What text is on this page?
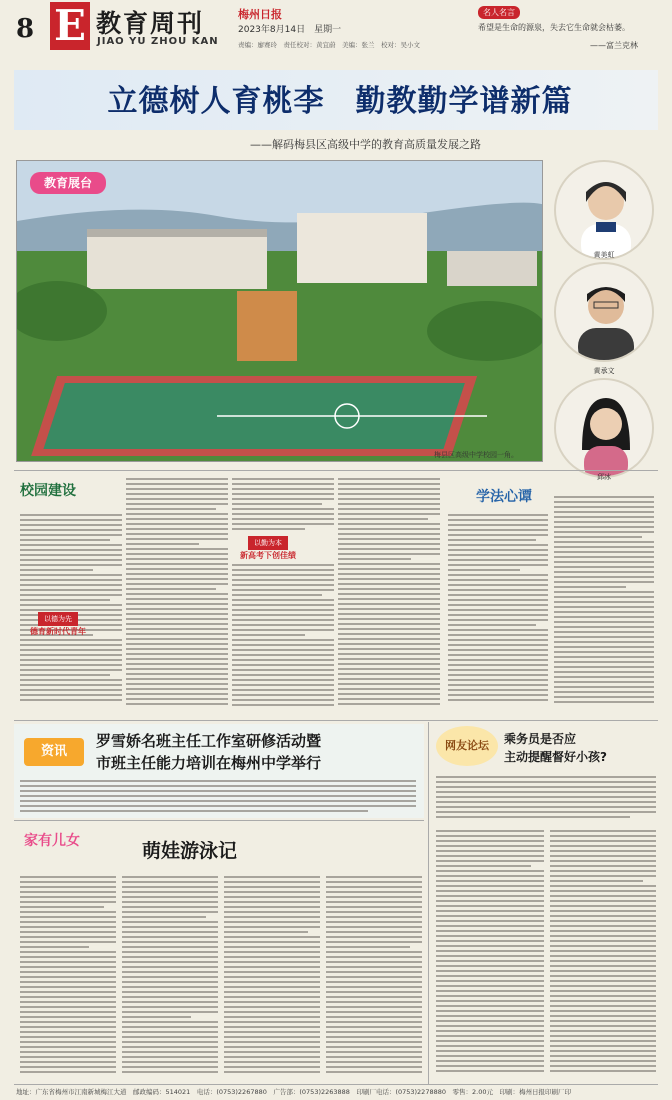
8 E 教育周刊
JIAO YU ZHOU KAN
梅州日报
2023年8月14日　星期一
责编：廖赛玲　责任校对：黄宜蔚　美编：张兰　校对：吴小文
名人名言
希望是生命的源泉，失去它生命就会枯萎。
——富兰克林
立德树人育桃李　勤教勤学谱新篇
——解码梅县区高级中学的教育高质量发展之路
教育展台
梅县区高级中学校园一角。
黄美虹
黄承文
邱冰
校园建设
以德为先
德育新时代青年
以勤为本
新高考下创佳绩
学法心谭
资讯
罗雪娇名班主任工作室研修活动暨
市班主任能力培训在梅州中学举行
家有儿女	萌娃游泳记
网友论坛	乘务员是否应
主动提醒督好小孩?
地址：广东省梅州市江南新城梅江大道　邮政编码：514021　电话：(0753)2267880　广告部：(0753)2263888　印刷厂电话：(0753)2278880　零售：2.00元　印刷：梅州日报印刷厂印
